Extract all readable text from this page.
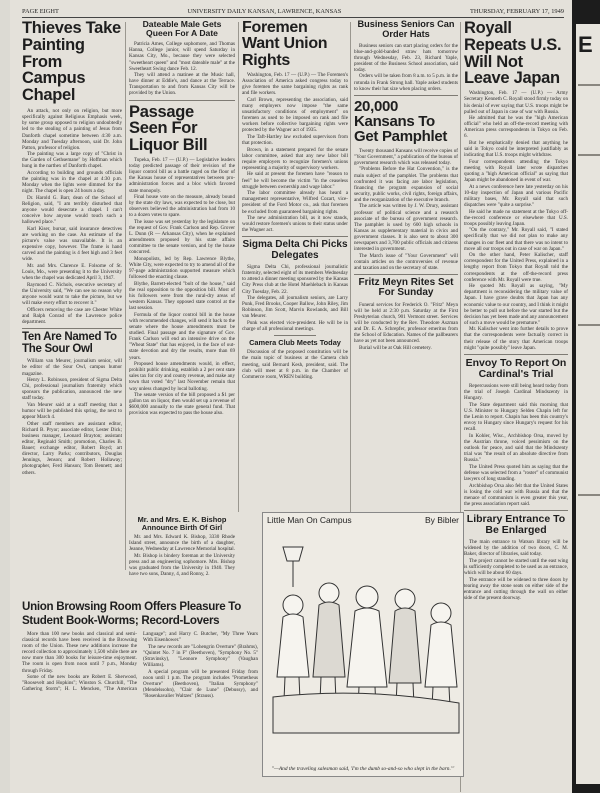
PAGE EIGHT	UNIVERSITY DAILY KANSAN, LAWRENCE, KANSAS	THURSDAY, FEBRUARY 17, 1949
Thieves Take Painting From Campus Chapel

An attack, not only on religion, but more specifically against Religious Emphasis week, by some group opposed to religion undoubtedly led to the stealing of a painting of Jesus from Danforth chapel sometime between 4:30 a.m. Monday and Tuesday afternoon, said Dr. John Patton, professor of religion.

The painting was a large copy of "Christ in the Garden of Gethsemane" by Hoffman which hung in the narthex of Danforth chapel.

According to building and grounds officials the painting was in the chapel at 4:30 p.m. Monday when the lights were dimmed for the night. The chapel is open 24 hours a day.

Dr. Harold G. Barr, dean of the School of Religion, said, "I am terribly disturbed that anyone would desecrate a chapel. I can't conceive how anyone would touch such a hallowed place."

Karl Kiser, bursar, said insurance detectives are working on the case. An estimate of the picture's value was unavailable. It is an expensive copy, however. The frame is hand carved and the painting is 4 feet high and 3 feet wide.

Mr. and Mrs. Clarence E. Folsome of St. Louis, Mo., were presenting it to the University when the chapel was dedicated April 3, 1947.

Raymond C. Nichols, executive secretary of the University said, "We can see no reason why anyone would want to take the picture, but we will make every effort to recover it."

Officers removing the case are Chester White and Ralph Conrad of the Lawrence police department.

Ten Are Named To The Sour Owl

William van Meurer, journalism senior, will be editor of the Sour Owl, campus humor magazine.

Henry L. Robinson, president of Sigma Delta Chi, professional journalism fraternity which sponsors the publication, announced the new staff today.

Van Meurer said at a staff meeting that a humor will be published this spring, the next to appear March 4.

Other staff members are assistant editor, Richard B. Pryor; associate editor, Lester Dick; business manager, Leonard Brayton; assistant editor, Reginald Smith; promotion, Charles B. Bauer; exchange editor, Robert Boyd; art director, Larry Parks; contributors, Douglas Jennings, Jenson; and Robert Hollaway; photographer, Ferd Hanson; Tom Bennett; and others.

Dateable Male Gets Queen For A Date

Patricia Ames, College sophomore, and Thomas Hanna, College junior, will spend Saturday in Kansas City, Mo., because they were selected "sweetheart queen" and "most dateable male" at the Sweetheart Swing dance Feb. 12.

They will attend a matinee at the Music hall, have dinner at Eddie's, and dance at the Terrace. Transportation to and from Kansas City will be provided by the Union.

Passage Seen For Liquor Bill

Topeka, Feb. 17 — (U.P.) — Legislative leaders today predicted passage of their revision of the liquor control bill as a battle raged on the floor of the Kansas house of representatives between pro-administration forces and a bloc which favored state monopoly.

Final house vote on the measure, already bound by the state dry laws, was expected to be close, but observers believed the administration had from 10 to a dozen votes to spare.

The issue was set yesterday by the legislature on the request of Gov. Frank Carlson and Rep. Grover L. Dunn (R — Arkansas City), when he explained amendments proposed by his state affairs committee to the senate version, and by the house concurred.

Monopolists, led by Rep. Lawrence Blythe, White City, were expected to try to amend all of the 97-page administration supported measure which followed the enacting clause.

Blythe, Barrett-elected "bolt of the house," said the real opposition to the opposition bill. Most of his followers were from the rural-dry areas of western Kansas. They opposed state control at the last session.

Formula of the liquor control bill in the house with recommended changes, will send it back to the senate where the house amendments must be studied. Final passage and the signature of Gov. Frank Carlson will end an intensive drive on the "Wheat State" that has enjoyed, in the face of out-state devotion and dry the results, more than 69 years.

Proposed house amendments would, in effect, prohibit public drinking, establish a 2 per cent state sales tax for city and county revenue, and make any town that voted "dry" last November remain that way unless changed by local balloting.

The senate version of the bill proposed a $1 per gallon tax on liquor, then would set up a revenue of $600,000 annually to the state general fund. That provision was expected to pass the house also.

Mr. and Mrs. E. K. Bishop Announce Birth Of Girl

Mr. and Mrs. Edward K. Bishop, 3330 Rhode Island street, announce the birth of a daughter, Jeanne, Wednesday at Lawrence Memorial hospital.

Mr. Bishop is bindery foreman at the University press and an engineering sophomore. Mrs. Bishop was graduated from the University in 1940. They have two sons, Danny, 4, and Ronny, 2.

Foremen Want Union Rights

Washington, Feb. 17 — (U.P.) — The Foremen's Association of America asked congress today to give foremen the same bargaining rights as rank and file workers.

Carl Brown, representing the association, said many employers now impose "the same unsatisfactory conditions of employment" on foremen as used to be imposed on rank and file workers before collective bargaining rights were protected by the Wagner act of 1935.

The Taft-Hartley law excluded supervisors from that protection.

Brown, in a statement prepared for the senate labor committee, asked that any new labor bill require employers to recognize foremen's unions representing a majority of supervisory workers.

He said at present the foremen have "reason to feel" he will become the victim "in the ceaseless struggle between ownership and wage labor."

The labor committee already has heard a management representative, Wilfred Cozart, vice-president of the Ford Motor co., ask that foremen be excluded from guaranteed bargaining rights.

The new administration bill, as it now stands, would restore foremen's unions to their status under the Wagner act.

Sigma Delta Chi Picks Delegates

Sigma Delta Chi, professional journalistic fraternity, selected eight of its members Wednesday to attend a dinner meeting sponsored by the Kansas City Press club at the Hotel Muehlebach in Kansas City Tuesday, Feb. 22.

The delegates, all journalism seniors, are Larry Punk, Fred Brooks, Cooper Ballow, John Riley, Jim Robinson, Jim Scott, Marvin Rowlands, and Bill van Meurer.

Punk was elected vice-president. He will be in charge of all professional meetings.

Camera Club Meets Today

Discussion of the proposed constitution will be the main topic of business at the Camera club meeting, said Bernard Kesh, president, said. The club will meet at 8 p.m. in the Chamber of Commerce room, WREN building.

Business Seniors Can Order Hats

Business seniors can start placing orders for the blue-and-gold-banded straw hats tomorrow through Wednesday, Feb. 23, Richard Yaple, president of the Business School association, said today.

Orders will be taken from 8 a.m. to 5 p.m. in the rotunda in Frank Strong hall. Yaple asked students to know their hat size when placing orders.

20,000 Kansans To Get Pamphlet

Twenty thousand Kansans will receive copies of "Your Government," a publication of the bureau of government research which was released today.

"Problems Before the Hat Convention," is the main subject of the pamphlet. The problems that confronted it was facing are labor legislation, financing the program expansion of social security, public works, civil rights, foreign affairs, and the reorganization of the executive branch.

The article was written by J. W. Drury, assistant professor of political science and a research associate of the bureau of government research. The pamphlet is used by 600 high schools in Kansas as supplementary material in civics and government classes. It is also sent to about 300 newspapers and 3,700 public officials and citizens interested in government.

The March issue of "Your Government" will contain articles on the controversies of revenue and taxation and on the secretary of state.

Fritz Meyn Rites Set For Sunday

Funeral services for Frederick O. "Fritz" Meyn will be held at 2:30 p.m. Saturday at the First Presbyterian church, 901 Vermont street. Services will be conducted by the Rev. Theodore Aszman and Dr. E. A. Schrepfer, professor emeritus from the School of Education. Names of the pallbearers have as yet not been announced.

Burial will be at Oak Hill cemetery.

Royall Repeats U.S. Will Not Leave Japan

Washington, Feb. 17 — (U.P.) — Army Secretary Kenneth C. Royall stood firmly today on his denial of ever saying that U.S. troops might be pulled out of Japan in case of war with Russia.

He admitted that he was the "high American official" who held an off-the-record meeting with American press correspondents in Tokyo on Feb. 6.

But he emphatically denied that anything he said in Tokyo could be interpreted justifiably as indicating that U.S. troops might withdraw.

Four correspondents attending the Tokyo meeting with Royall later wrote dispatches quoting a "high American official" as saying that Japan might be abandoned in event of war.

At a news conference here late yesterday on his 10-day inspection of Japan and various Pacific military bases, Mr. Royall said that such dispatches were "quite a surprise."

He said he made no statement at the Tokyo off-the-record conference or elsewhere that U.S. troops possibly leaving Japan.

"On the contrary," Mr. Royall said, "I stated specifically that we did not plan to make any changes in our fleet and that there was no intent to move all our troops out in case of war on Japan."

On the other hand, Peter Kalischer, staff correspondent for the United Press, explained in a lengthy report from Tokyo that Royall told the correspondents at the off-the-record press conference with Mr. Royall were true.

He quoted Mr. Royall as saying, "My department is reconsidering the military value of Japan. I have grave doubts that Japan has any economic value to our country, and I think it might be better to pull out before the war started but the decision has yet been made and any announcement of such a move would be premature."

Mr. Kalischer went into further details to prove that the correspondents were factually correct in their release of the story that American troops might "quite possibly" leave Japan.

Envoy To Report On Cardinal's Trial

Repercussions were still being heard today from the trial of Joseph Cardinal Mindszenty in Hungary.

The State department said this morning that U.S. Minister to Hungary Selden Chapin left for the Lenin to report. Chapin has been this country's envoy to Hungary since Hungary's request for his recall.

In Kohler, Wisc., Archbishop Orsa, moved by the Austrian throne, voiced pessimism on the outlook for peace, and said that the Mindszenty trial was "the result of an absolute directive from Russia."

The United Press quoted him as saying that the defense was selected from a "roster" of communist lawyers of long standing.

Archbishop Orsa also felt that the United States is losing the cold war with Russia and that the menace of communism is even greater this year, the press association report said.

Library Entrance To Be Enlarged

The main entrance to Watson library will be widened by the addition of two doors, C. M. Baker, director of libraries, said today.

The project cannot be started until the east wing is sufficiently completed to be used as an entrance, which will be about 60 days.

The entrance will be widened to three doors by tearing away the stone seats on either side of the entrance and cutting through the wall on either side of the present doorway.

Union Browsing Room Offers Pleasure To Student Book-Worms; Record-Lovers

More than 100 new books and classical and semi-classical records have been received in the Browsing room of the Union. These new additions increase the record collection to approximately 1,500 while there are now more than 300 books for leisure-time enjoyment. The room is open from noon until 7 p.m., Monday through Friday.

Some of the new books are Robert E. Sherwood, "Roosevelt and Hopkins"; Winston S. Churchill, "The Gathering Storm"; H. L. Mencken, "The American Language"; and Harry C. Butcher, "My Three Years With Eisenhower."

The new records are "Lohengrin Overture" (Brahms), "Quintet No. 7 in F" (Beethoven), "Symphony No. 5" (Stravinsky), "Leonore Symphony" (Vaughan Williams).

A special program will be presented Friday from noon until 1 p.m. The program includes "Prometheus Overture" (Beethoven), "Italian Symphony" (Mendelssohn), "Clair de Lune" (Debussy), and "Rosenkavalier Waltzes" (Strauss).

Little Man On Campus	By Bibler
"—And the traveling salesman said, 'I'm the dumb so-and-so who slept in the barn.'"
E
